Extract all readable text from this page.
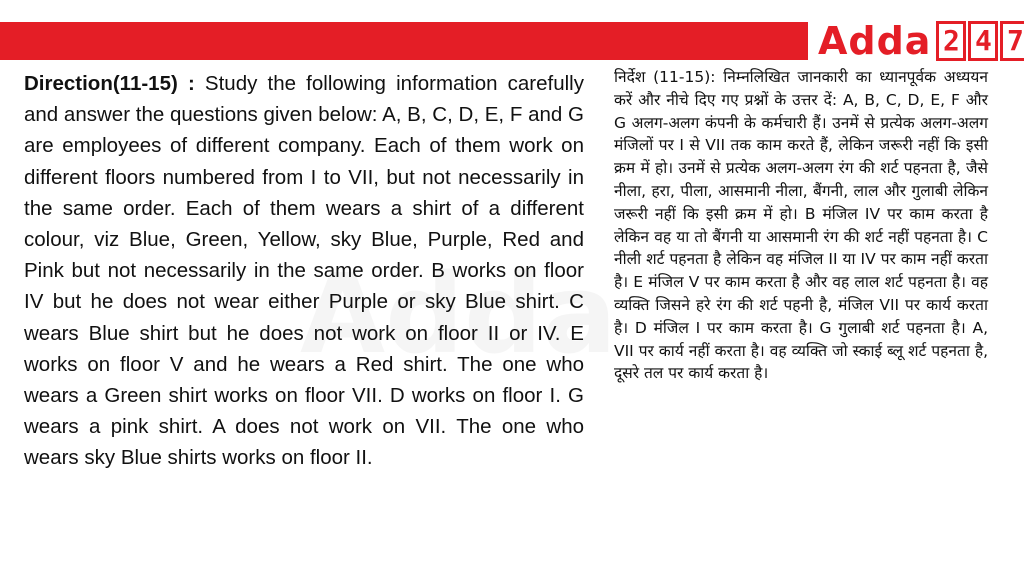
Adda 2 4 7
Direction(11-15) : Study the following information carefully and answer the questions given below: A, B, C, D, E, F and G are employees of different company. Each of them work on different floors numbered from I to VII, but not necessarily in the same order. Each of them wears a shirt of a different colour, viz Blue, Green, Yellow, sky Blue, Purple, Red and Pink but not necessarily in the same order. B works on floor IV but he does not wear either Purple or sky Blue shirt. C wears Blue shirt but he does not work on floor II or IV. E works on floor V and he wears a Red shirt. The one who wears a Green shirt works on floor VII. D works on floor I. G wears a pink shirt. A does not work on VII. The one who wears sky Blue shirts works on floor II.
निर्देश (11-15): निम्नलिखित जानकारी का ध्यानपूर्वक अध्ययन करें और नीचे दिए गए प्रश्नों के उत्तर दें: A, B, C, D, E, F और G अलग-अलग कंपनी के कर्मचारी हैं। उनमें से प्रत्येक अलग-अलग मंजिलों पर I से VII तक काम करते हैं, लेकिन जरूरी नहीं कि इसी क्रम में हो। उनमें से प्रत्येक अलग-अलग रंग की शर्ट पहनता है, जैसे नीला, हरा, पीला, आसमानी नीला, बैंगनी, लाल और गुलाबी लेकिन जरूरी नहीं कि इसी क्रम में हो। B मंजिल IV पर काम करता है लेकिन वह या तो बैंगनी या आसमानी रंग की शर्ट नहीं पहनता है। C नीली शर्ट पहनता है लेकिन वह मंजिल II या IV पर काम नहीं करता है। E मंजिल V पर काम करता है और वह लाल शर्ट पहनता है। वह व्यक्ति जिसने हरे रंग की शर्ट पहनी है, मंजिल VII पर कार्य करता है। D मंजिल I पर काम करता है। G गुलाबी शर्ट पहनता है। A, VII पर कार्य नहीं करता है। वह व्यक्ति जो स्काई ब्लू शर्ट पहनता है, दूसरे तल पर कार्य करता है।
